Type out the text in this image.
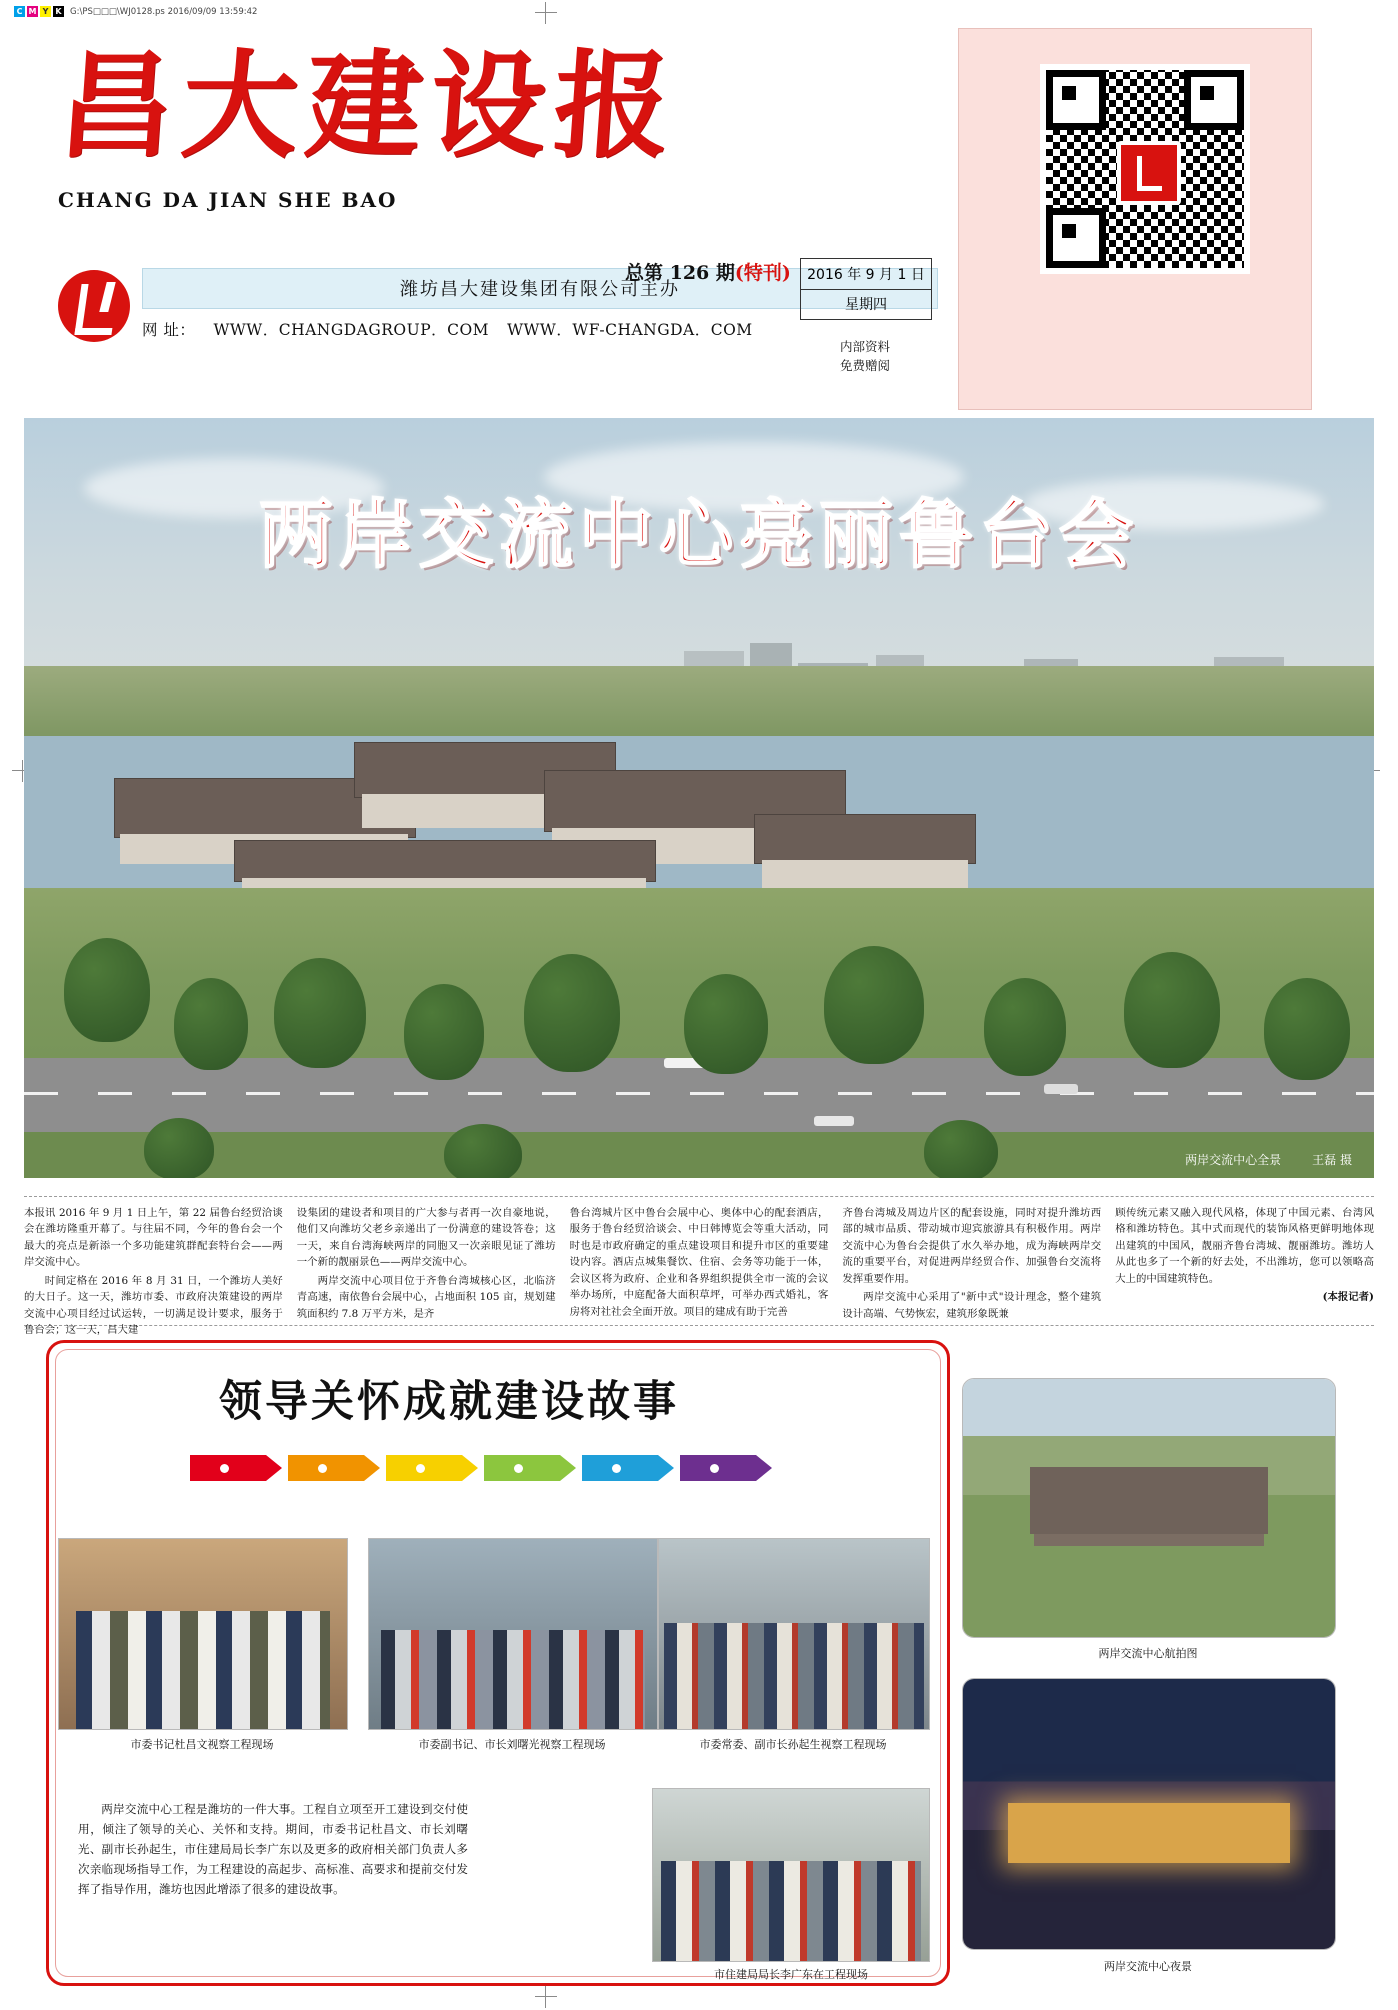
C M Y K G:\PS□□□\WJ0128.ps 2016/09/09 13:59:42
昌大建设报
CHANG DA JIAN SHE BAO
潍坊昌大建设集团有限公司主办
网 址： WWW．CHANGDAGROUP．COM WWW．WF-CHANGDA．COM
总第 126 期(特刊)	2016 年 9 月 1 日
星期四
内部资料
免费赠阅
两岸交流中心亮丽鲁台会
两岸交流中心全景	王磊 摄

本报讯 2016 年 9 月 1 日上午，第 22 届鲁台经贸洽谈会在潍坊隆重开幕了。与往届不同，今年的鲁台会一个最大的亮点是新添一个多功能建筑群配套特台会——两岸交流中心。

时间定格在 2016 年 8 月 31 日，一个潍坊人美好的大日子。这一天，潍坊市委、市政府决策建设的两岸交流中心项目经过试运转，一切满足设计要求，服务于鲁台会；这一天，昌大建

设集团的建设者和项目的广大参与者再一次自豪地说，他们又向潍坊父老乡亲递出了一份满意的建设答卷；这一天，来自台湾海峡两岸的同胞又一次亲眼见证了潍坊一个新的靓丽景色——两岸交流中心。

两岸交流中心项目位于齐鲁台湾城核心区，北临济青高速，南依鲁台会展中心，占地面积 105 亩，规划建筑面积约 7.8 万平方米，是齐

鲁台湾城片区中鲁台会展中心、奥体中心的配套酒店，服务于鲁台经贸洽谈会、中日韩博览会等重大活动，同时也是市政府确定的重点建设项目和提升市区的重要建设内容。酒店点城集餐饮、住宿、会务等功能于一体，会议区将为政府、企业和各界组织提供全市一流的会议举办场所，中庭配备大面积草坪，可举办西式婚礼，客房将对社社会全面开放。项目的建成有助于完善

齐鲁台湾城及周边片区的配套设施，同时对提升潍坊西部的城市品质、带动城市迎宾旅游具有积极作用。两岸交流中心为鲁台会提供了水久举办地，成为海峡两岸交流的重要平台，对促进两岸经贸合作、加强鲁台交流将发挥重要作用。

两岸交流中心采用了"新中式"设计理念，整个建筑设计高端、气势恢宏，建筑形象既兼

顾传统元素又融入现代风格，体现了中国元素、台湾风格和潍坊特色。其中式而现代的装饰风格更鲜明地体现出建筑的中国风，靓丽齐鲁台湾城、靓丽潍坊。潍坊人从此也多了一个新的好去处，不出潍坊，您可以领略高大上的中国建筑特色。

(本报记者)

领导关怀成就建设故事
市委书记杜昌文视察工程现场	市委副书记、市长刘曙光视察工程现场	市委常委、副市长孙起生视察工程现场
市住建局局长李广东在工程现场

两岸交流中心工程是潍坊的一件大事。工程自立项至开工建设到交付使用，倾注了领导的关心、关怀和支持。期间，市委书记杜昌文、市长刘曙光、副市长孙起生，市住建局局长李广东以及更多的政府相关部门负责人多次亲临现场指导工作，为工程建设的高起步、高标准、高要求和提前交付发挥了指导作用，潍坊也因此增添了很多的建设故事。

两岸交流中心航拍图
两岸交流中心夜景
